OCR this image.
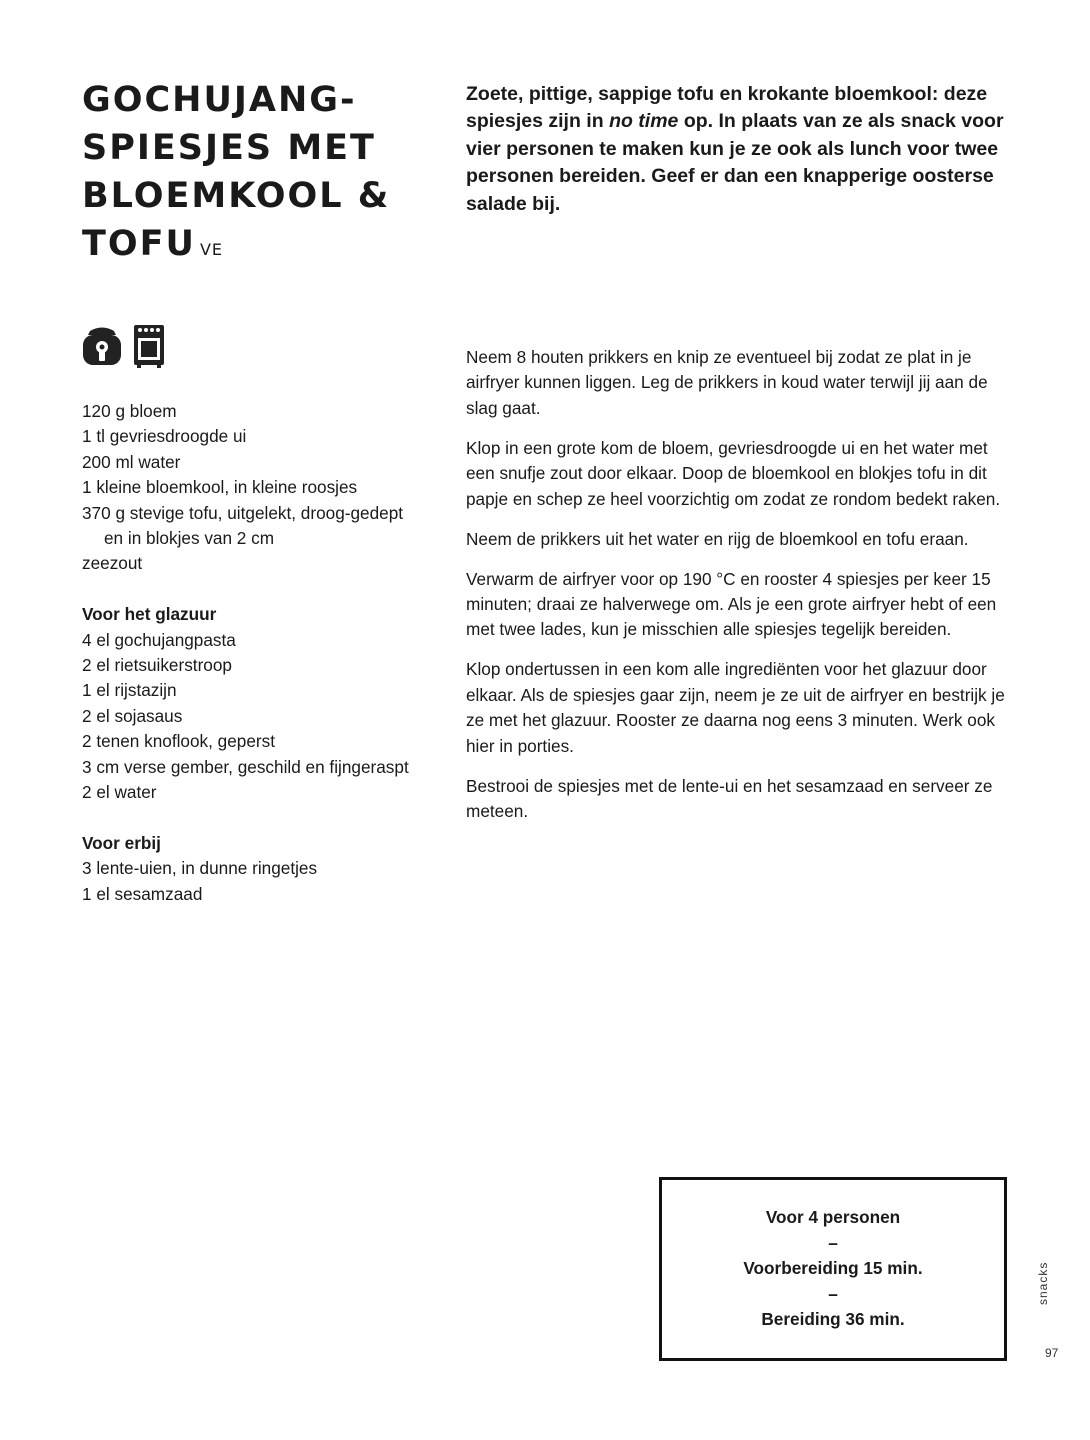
GOCHUJANG-
SPIESJES MET
BLOEMKOOL &
TOFU VE
Zoete, pittige, sappige tofu en krokante bloemkool: deze spiesjes zijn in no time op. In plaats van ze als snack voor vier personen te maken kun je ze ook als lunch voor twee personen bereiden. Geef er dan een knapperige oosterse salade bij.
120 g bloem
1 tl gevriesdroogde ui
200 ml water
1 kleine bloemkool, in kleine roosjes
370 g stevige tofu, uitgelekt, droog-gedept en in blokjes van 2 cm
zeezout
Voor het glazuur
4 el gochujangpasta
2 el rietsuikerstroop
1 el rijstazijn
2 el sojasaus
2 tenen knoflook, geperst
3 cm verse gember, geschild en fijngeraspt
2 el water
Voor erbij
3 lente-uien, in dunne ringetjes
1 el sesamzaad

Neem 8 houten prikkers en knip ze eventueel bij zodat ze plat in je airfryer kunnen liggen. Leg de prikkers in koud water terwijl jij aan de slag gaat.

Klop in een grote kom de bloem, gevriesdroogde ui en het water met een snufje zout door elkaar. Doop de bloemkool en blokjes tofu in dit papje en schep ze heel voorzichtig om zodat ze rondom bedekt raken.

Neem de prikkers uit het water en rijg de bloemkool en tofu eraan.

Verwarm de airfryer voor op 190 °C en rooster 4 spiesjes per keer 15 minuten; draai ze halverwege om. Als je een grote airfryer hebt of een met twee lades, kun je misschien alle spiesjes tegelijk bereiden.

Klop ondertussen in een kom alle ingrediënten voor het glazuur door elkaar. Als de spiesjes gaar zijn, neem je ze uit de airfryer en bestrijk je ze met het glazuur. Rooster ze daarna nog eens 3 minuten. Werk ook hier in porties.

Bestrooi de spiesjes met de lente-ui en het sesamzaad en serveer ze meteen.

Voor 4 personen
–
Voorbereiding 15 min.
–
Bereiding 36 min.
snacks
97
